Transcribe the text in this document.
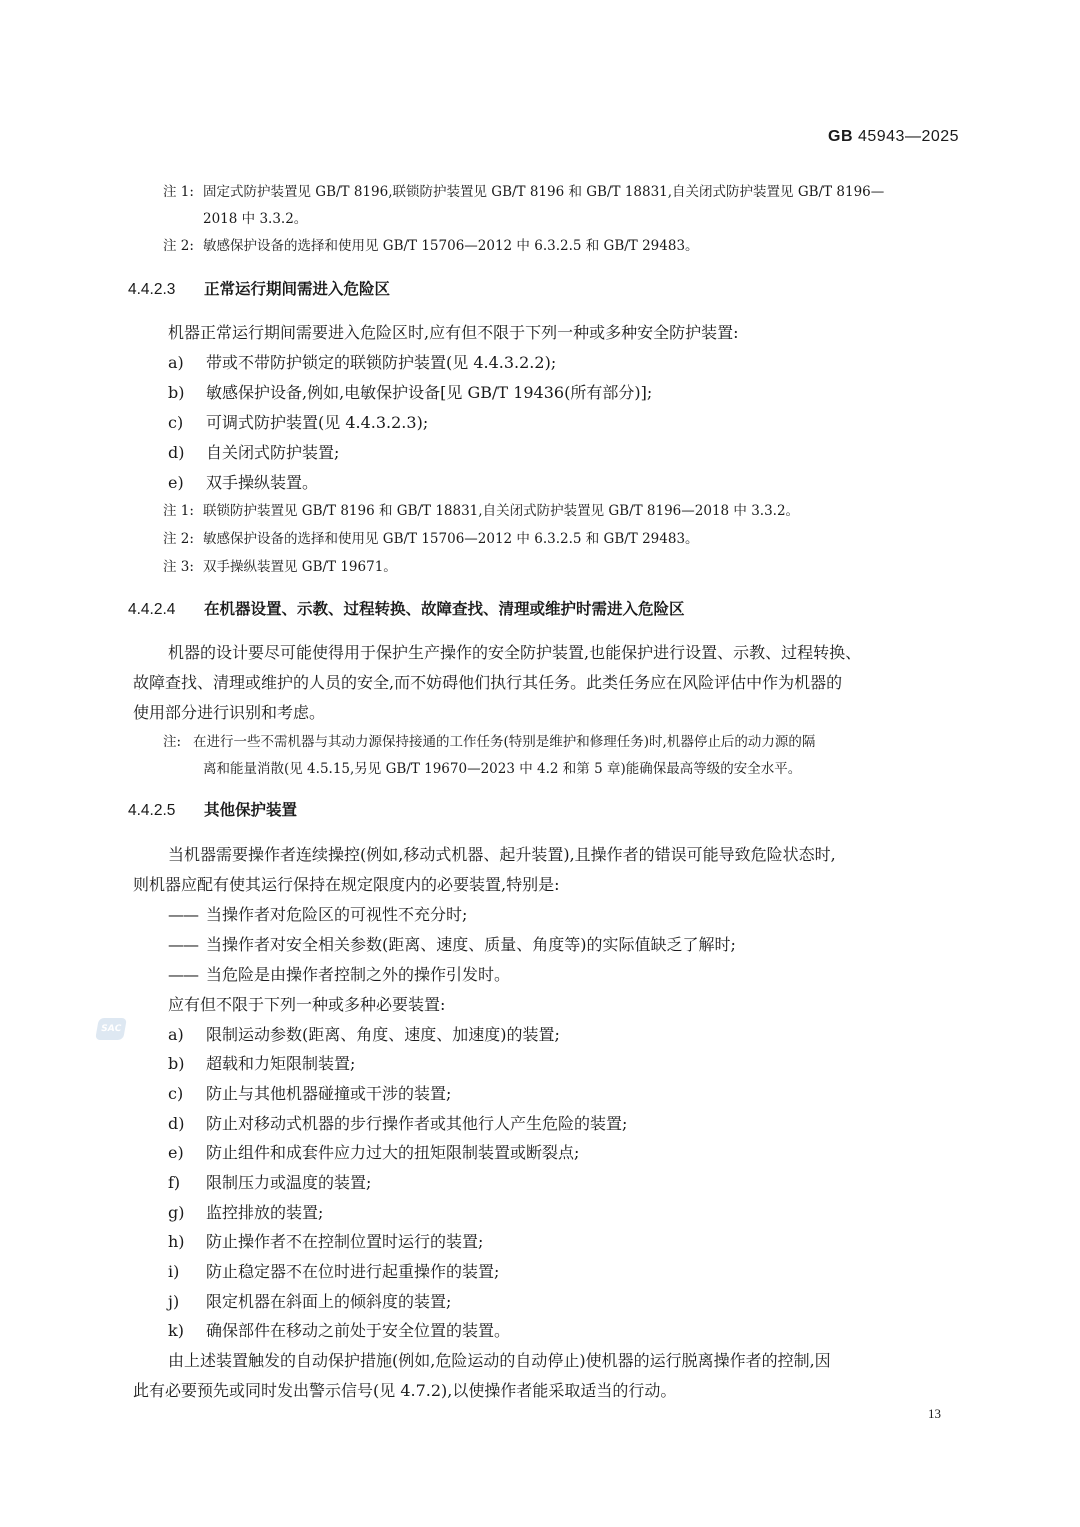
GB 45943—2025
注 1: 固定式防护装置见 GB/T 8196,联锁防护装置见 GB/T 8196 和 GB/T 18831,自关闭式防护装置见 GB/T 8196—
2018 中 3.3.2。
注 2: 敏感保护设备的选择和使用见 GB/T 15706—2012 中 6.3.2.5 和 GB/T 29483。
4.4.2.3 正常运行期间需进入危险区
机器正常运行期间需要进入危险区时,应有但不限于下列一种或多种安全防护装置:
a) 带或不带防护锁定的联锁防护装置(见 4.4.3.2.2);
b) 敏感保护设备,例如,电敏保护设备[见 GB/T 19436(所有部分)];
c) 可调式防护装置(见 4.4.3.2.3);
d) 自关闭式防护装置;
e) 双手操纵装置。
注 1: 联锁防护装置见 GB/T 8196 和 GB/T 18831,自关闭式防护装置见 GB/T 8196—2018 中 3.3.2。
注 2: 敏感保护设备的选择和使用见 GB/T 15706—2012 中 6.3.2.5 和 GB/T 29483。
注 3: 双手操纵装置见 GB/T 19671。
4.4.2.4 在机器设置、示教、过程转换、故障查找、清理或维护时需进入危险区
机器的设计要尽可能使得用于保护生产操作的安全防护装置,也能保护进行设置、示教、过程转换、
故障查找、清理或维护的人员的安全,而不妨碍他们执行其任务。此类任务应在风险评估中作为机器的
使用部分进行识别和考虑。
注: 在进行一些不需机器与其动力源保持接通的工作任务(特别是维护和修理任务)时,机器停止后的动力源的隔
离和能量消散(见 4.5.15,另见 GB/T 19670—2023 中 4.2 和第 5 章)能确保最高等级的安全水平。
4.4.2.5 其他保护装置
当机器需要操作者连续操控(例如,移动式机器、起升装置),且操作者的错误可能导致危险状态时,
则机器应配有使其运行保持在规定限度内的必要装置,特别是:
—— 当操作者对危险区的可视性不充分时;
—— 当操作者对安全相关参数(距离、速度、质量、角度等)的实际值缺乏了解时;
—— 当危险是由操作者控制之外的操作引发时。
应有但不限于下列一种或多种必要装置:
SAC	a) 限制运动参数(距离、角度、速度、加速度)的装置;
b) 超载和力矩限制装置;
c) 防止与其他机器碰撞或干涉的装置;
d) 防止对移动式机器的步行操作者或其他行人产生危险的装置;
e) 防止组件和成套件应力过大的扭矩限制装置或断裂点;
f) 限制压力或温度的装置;
g) 监控排放的装置;
h) 防止操作者不在控制位置时运行的装置;
i) 防止稳定器不在位时进行起重操作的装置;
j) 限定机器在斜面上的倾斜度的装置;
k) 确保部件在移动之前处于安全位置的装置。
由上述装置触发的自动保护措施(例如,危险运动的自动停止)使机器的运行脱离操作者的控制,因
此有必要预先或同时发出警示信号(见 4.7.2),以使操作者能采取适当的行动。
13
